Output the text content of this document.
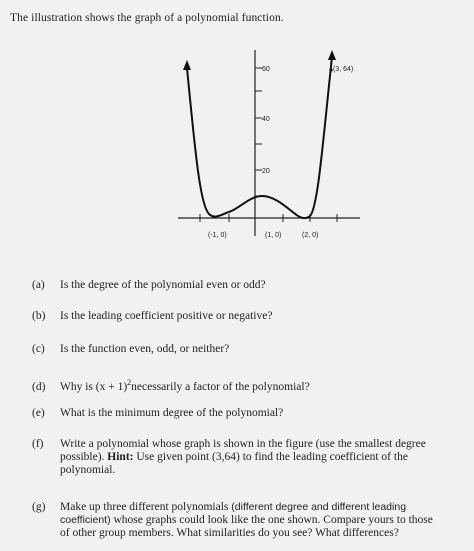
The illustration shows the graph of a polynomial function.
60
40
20
(-1, 0)	(1, 0)	(2, 0)
(3, 64)
(a) Is the degree of the polynomial even or odd?
(b) Is the leading coefficient positive or negative?
(c) Is the function even, odd, or neither?
(d) Why is $(x + 1)^2necessarily$ a factor of the polynomial?
(e) What is the minimum degree of the polynomial?
(f) Write a polynomial whose graph is shown in the figure (use the smallest degree
possible). Hint: Use given point (3,64) to find the leading coefficient of the
polynomial.
(g) Make up three different polynomials (different degree and different leading
coefficient) whose graphs could look like the one shown. Compare yours to those
of other group members. What similarities do you see? What differences?
